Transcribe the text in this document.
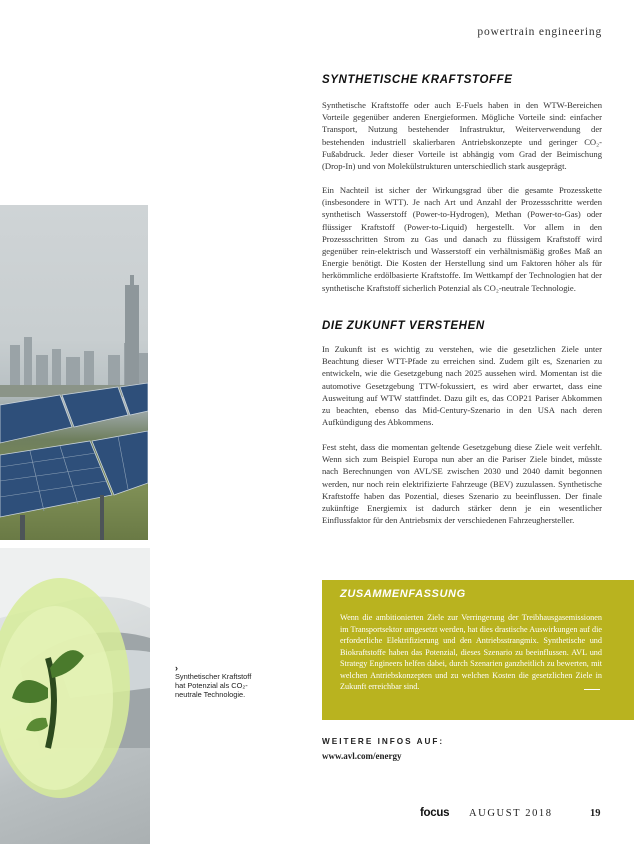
powertrain engineering
SYNTHETISCHE KRAFTSTOFFE

Synthetische Kraftstoffe oder auch E-Fuels haben in den WTW-Bereichen Vorteile gegenüber anderen Energieformen. Mögliche Vorteile sind: einfacher Transport, Nutzung bestehender Infrastruktur, Weiterverwendung der bestehenden industriell skalierbaren Antriebskonzepte und geringer CO₂-Fußabdruck. Jeder dieser Vorteile ist abhängig vom Grad der Beimischung (Drop-In) und von Molekülstrukturen unterschiedlich stark ausgeprägt.

Ein Nachteil ist sicher der Wirkungsgrad über die gesamte Prozesskette (insbesondere in WTT). Je nach Art und Anzahl der Prozessschritte werden synthetisch Wasserstoff (Power-to-Hydrogen), Methan (Power-to-Gas) oder flüssiger Kraftstoff (Power-to-Liquid) hergestellt. Vor allem in den Prozessschritten Strom zu Gas und danach zu flüssigem Kraftstoff wird gegenüber rein-elektrisch und Wasserstoff ein verhältnismäßig großes Maß an Energie benötigt. Die Kosten der Herstellung sind um Faktoren höher als für herkömmliche erdölbasierte Kraftstoffe. Im Wettkampf der Technologien hat der synthetische Kraftstoff sicherlich Potenzial als CO₂-neutrale Technologie.

DIE ZUKUNFT VERSTEHEN

In Zukunft ist es wichtig zu verstehen, wie die gesetzlichen Ziele unter Beachtung dieser WTT-Pfade zu erreichen sind. Zudem gilt es, Szenarien zu entwickeln, wie die Gesetzgebung nach 2025 aussehen wird. Momentan ist die automotive Gesetzgebung TTW-fokussiert, es wird aber erwartet, dass eine Ausweitung auf WTW stattfindet. Dazu gilt es, das COP21 Pariser Abkommen zu beachten, ebenso das Mid-Century-Szenario in den USA nach deren Aufkündigung des Abkommens.

Fest steht, dass die momentan geltende Gesetzgebung diese Ziele weit verfehlt. Wenn sich zum Beispiel Europa nun aber an die Pariser Ziele bindet, müsste nach Berechnungen von AVL/SE zwischen 2030 und 2040 damit begonnen werden, nur noch rein elektrifizierte Fahrzeuge (BEV) zuzulassen. Synthetische Kraftstoffe haben das Pozential, dieses Szenario zu beeinflussen. Der finale zukünftige Energiemix ist dadurch stärker denn je ein wesentlicher Einflussfaktor für den Antriebsmix der verschiedenen Fahrzeughersteller.

›
Synthetischer Kraftstoff hat Potenzial als CO₂-neutrale Technologie.
ZUSAMMENFASSUNG

Wenn die ambitionierten Ziele zur Verringerung der Treibhausgasemissionen im Transportsektor umgesetzt werden, hat dies drastische Auswirkungen auf die erforderliche Elektrifizierung und den Antriebsstrangmix. Synthetische und Biokraftstoffe haben das Potenzial, dieses Szenario zu beeinflussen. AVL und Strategy Engineers helfen dabei, durch Szenarien ganzheitlich zu bewerten, mit welchen Antriebskonzepten und zu welchen Kosten die gesetzlichen Ziele in Zukunft erreichbar sind.

WEITERE INFOS AUF:
www.avl.com/energy
focus AUGUST 2018	19
